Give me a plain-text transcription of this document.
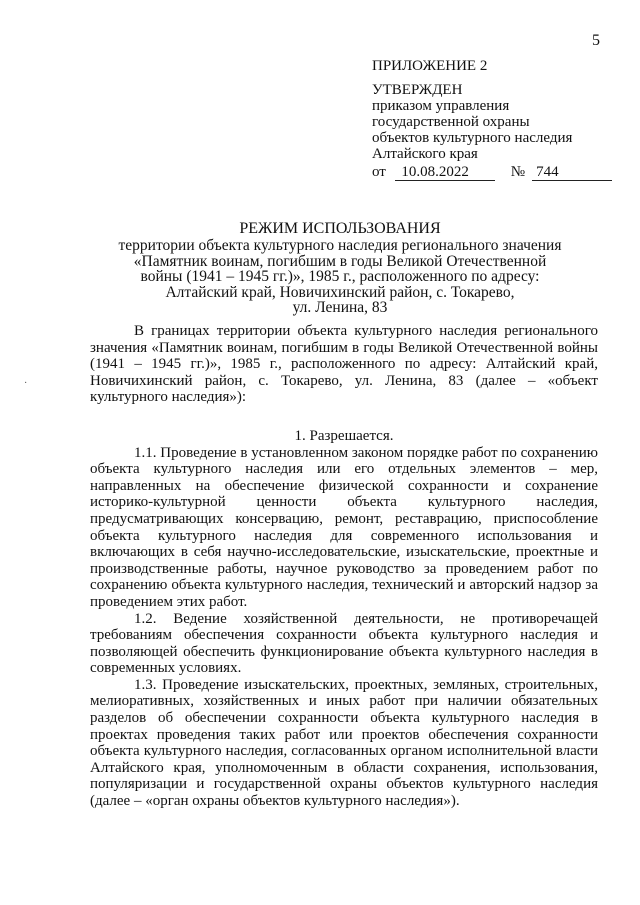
5
·
ПРИЛОЖЕНИЕ 2
УТВЕРЖДЕН
приказом управления
государственной охраны
объектов культурного наследия
Алтайского края
от	10.08.2022	№ 744
РЕЖИМ ИСПОЛЬЗОВАНИЯ
территории объекта культурного наследия регионального значения
«Памятник воинам, погибшим в годы Великой Отечественной
войны (1941 – 1945 гг.)», 1985 г., расположенного по адресу:
Алтайский край, Новичихинский район, с. Токарево,
ул. Ленина, 83

В границах территории объекта культурного наследия регионального значения «Памятник воинам, погибшим в годы Великой Отечественной войны (1941 – 1945 гг.)», 1985 г., расположенного по адресу: Алтайский край, Новичихинский район, с. Токарево, ул. Ленина, 83 (далее – «объект культурного наследия»):

1. Разрешается.

1.1. Проведение в установленном законом порядке работ по сохранению объекта культурного наследия или его отдельных элементов – мер, направленных на обеспечение физической сохранности и сохранение историко-культурной ценности объекта культурного наследия, предусматривающих консервацию, ремонт, реставрацию, приспособление объекта культурного наследия для современного использования и включающих в себя научно-исследовательские, изыскательские, проектные и производственные работы, научное руководство за проведением работ по сохранению объекта культурного наследия, технический и авторский надзор за проведением этих работ.

1.2. Ведение хозяйственной деятельности, не противоречащей требованиям обеспечения сохранности объекта культурного наследия и позволяющей обеспечить функционирование объекта культурного наследия в современных условиях.

1.3. Проведение изыскательских, проектных, земляных, строительных, мелиоративных, хозяйственных и иных работ при наличии обязательных разделов об обеспечении сохранности объекта культурного наследия в проектах проведения таких работ или проектов обеспечения сохранности объекта культурного наследия, согласованных органом исполнительной власти Алтайского края, уполномоченным в области сохранения, использования, популяризации и государственной охраны объектов культурного наследия (далее – «орган охраны объектов культурного наследия»).
